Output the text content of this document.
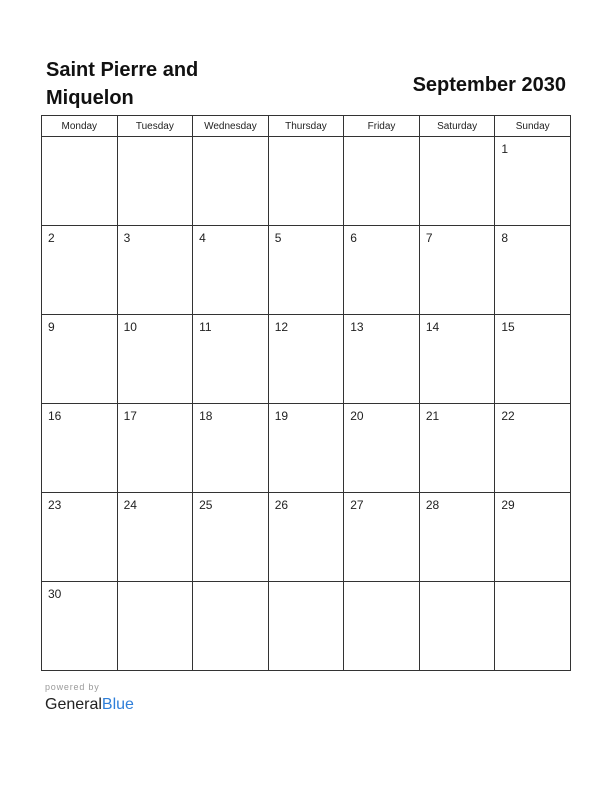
Saint Pierre and Miquelon
September 2030
Monday	Tuesday	Wednesday	Thursday	Friday	Saturday	Sunday

						1

2	3	4	5	6	7	8

9	10	11	12	13	14	15

16	17	18	19	20	21	22

23	24	25	26	27	28	29

30						

powered by
GeneralBlue
